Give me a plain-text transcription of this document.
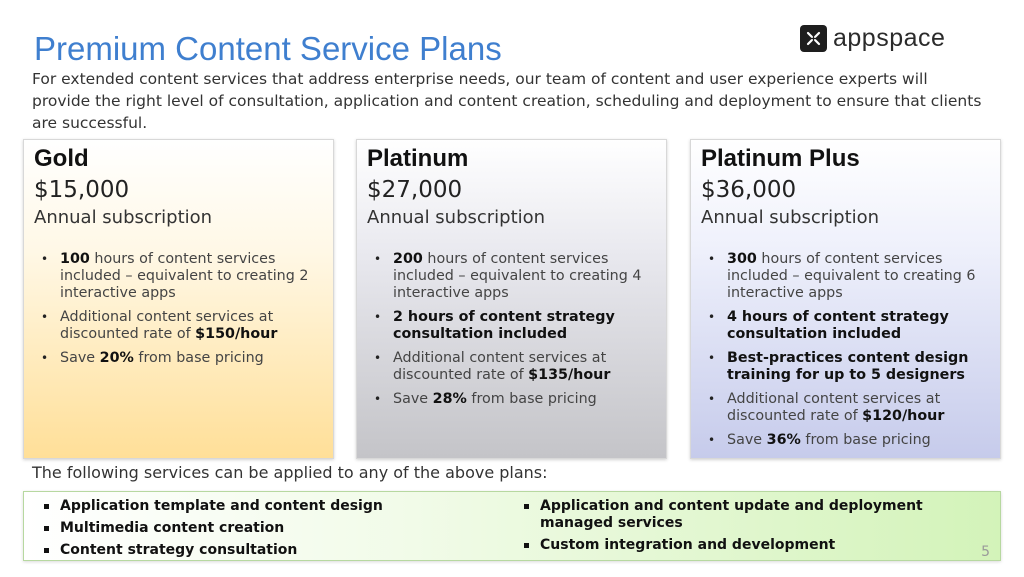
Premium Content Service Plans	appspace
For extended content services that address enterprise needs, our team of content and user experience experts will provide the right level of consultation, application and content creation, scheduling and deployment to ensure that clients are successful.
Gold
$15,000
Annual subscription
• 100 hours of content services included – equivalent to creating 2 interactive apps
• Additional content services at discounted rate of $150/hour
• Save 20% from base pricing
Platinum
$27,000
Annual subscription
• 200 hours of content services included – equivalent to creating 4 interactive apps
• 2 hours of content strategy consultation included
• Additional content services at discounted rate of $135/hour
• Save 28% from base pricing
Platinum Plus
$36,000
Annual subscription
• 300 hours of content services included – equivalent to creating 6 interactive apps
• 4 hours of content strategy consultation included
• Best-practices content design training for up to 5 designers
• Additional content services at discounted rate of $120/hour
• Save 36% from base pricing
The following services can be applied to any of the above plans:
Application template and content design
Multimedia content creation
Content strategy consultation
Application and content update and deployment managed services
Custom integration and development	5
